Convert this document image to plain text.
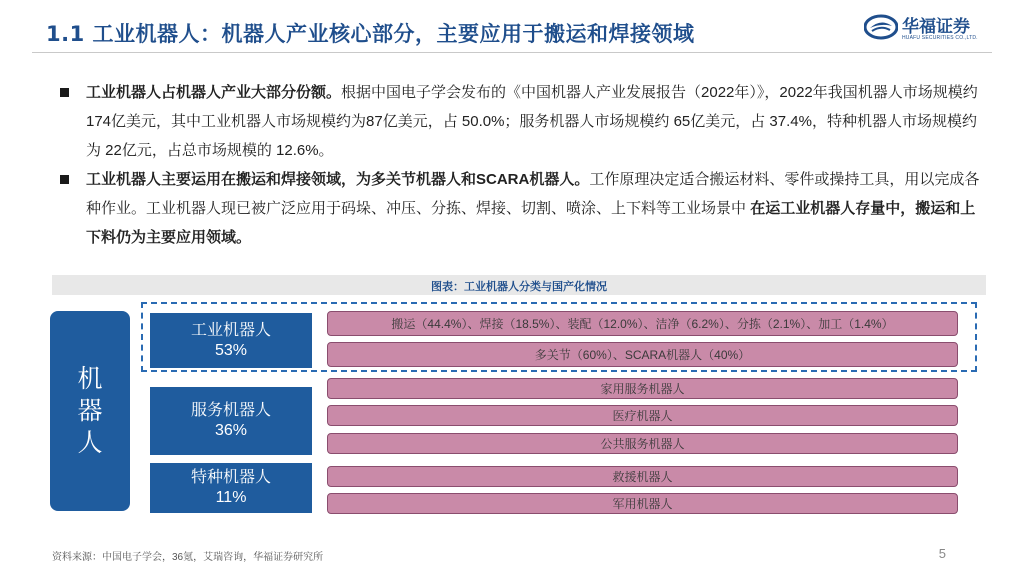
1.1 工业机器人：机器人产业核心部分，主要应用于搬运和焊接领域	华福证券
HUAFU SECURITIES CO.,LTD.
工业机器人占机器人产业大部分份额。根据中国电子学会发布的《中国机器人产业发展报告（2022年）》，2022年我国机器人市场规模约174亿美元，其中工业机器人市场规模约为87亿美元，占 50.0%；服务机器人市场规模约 65亿美元，占 37.4%，特种机器人市场规模约为 22亿元，占总市场规模的 12.6%。
工业机器人主要运用在搬运和焊接领域，为多关节机器人和SCARA机器人。工作原理决定适合搬运材料、零件或操持工具，用以完成各种作业。工业机器人现已被广泛应用于码垛、冲压、分拣、焊接、切割、喷涂、上下料等工业场景中 在运工业机器人存量中，搬运和上下料仍为主要应用领域。
图表：工业机器人分类与国产化情况
机
器
人
工业机器人
53%
服务机器人
36%
特种机器人
11%
搬运（44.4%）、焊接（18.5%）、装配（12.0%）、洁净（6.2%）、分拣（2.1%）、加工（1.4%）
多关节（60%）、SCARA机器人（40%）
家用服务机器人
医疗机器人
公共服务机器人
救援机器人
军用机器人
资料来源：中国电子学会，36氪，艾瑞咨询，华福证券研究所	5
